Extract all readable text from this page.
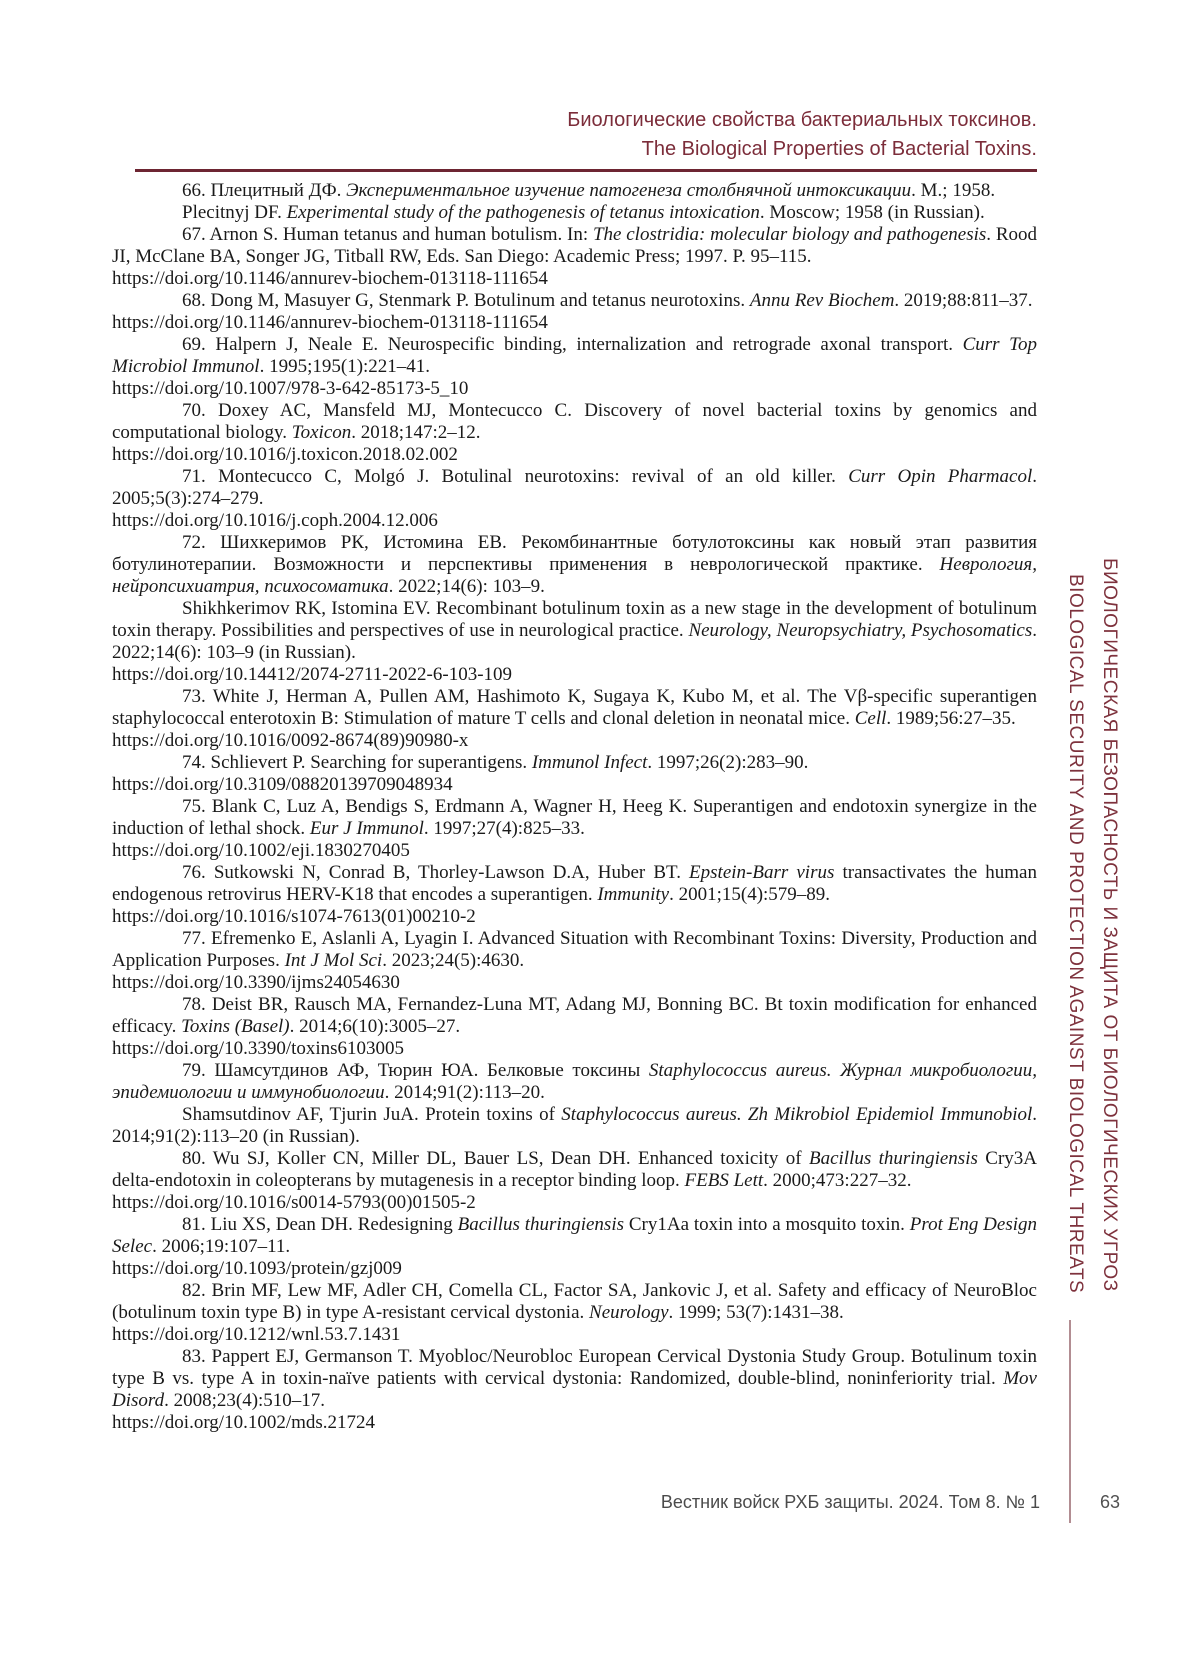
Биологические свойства бактериальных токсинов.
The Biological Properties of Bacterial Toxins.

66. Плецитный ДФ. Экспериментальное изучение патогенеза столбнячной интоксикации. М.; 1958.

Plecitnyj DF. Experimental study of the pathogenesis of tetanus intoxication. Moscow; 1958 (in Russian).

67. Arnon S. Human tetanus and human botulism. In: The clostridia: molecular biology and pathogenesis. Rood JI, McClane BA, Songer JG, Titball RW, Eds. San Diego: Academic Press; 1997. P. 95–115.

https://doi.org/10.1146/annurev-biochem-013118-111654

68. Dong M, Masuyer G, Stenmark P. Botulinum and tetanus neurotoxins. Annu Rev Biochem. 2019;88:811–37.

https://doi.org/10.1146/annurev-biochem-013118-111654

69. Halpern J, Neale E. Neurospecific binding, internalization and retrograde axonal transport. Curr Top Microbiol Immunol. 1995;195(1):221–41.

https://doi.org/10.1007/978-3-642-85173-5_10

70. Doxey AC, Mansfeld MJ, Montecucco C. Discovery of novel bacterial toxins by genomics and computational biology. Toxicon. 2018;147:2–12.

https://doi.org/10.1016/j.toxicon.2018.02.002

71. Montecucco C, Molgó J. Botulinal neurotoxins: revival of an old killer. Curr Opin Pharmacol. 2005;5(3):274–279.

https://doi.org/10.1016/j.coph.2004.12.006

72. Шихкеримов РК, Истомина ЕВ. Рекомбинантные ботулотоксины как новый этап развития ботулинотерапии. Возможности и перспективы применения в неврологической практике. Неврология, нейропсихиатрия, психосоматика. 2022;14(6): 103–9.

Shikhkerimov RK, Istomina EV. Recombinant botulinum toxin as a new stage in the development of botulinum toxin therapy. Possibilities and perspectives of use in neurological practice. Neurology, Neuropsychiatry, Psychosomatics. 2022;14(6): 103–9 (in Russian).

https://doi.org/10.14412/2074-2711-2022-6-103-109

73. White J, Herman A, Pullen AM, Hashimoto K, Sugaya K, Kubo M, et al. The Vβ-specific superantigen staphylococcal enterotoxin B: Stimulation of mature T cells and clonal deletion in neonatal mice. Cell. 1989;56:27–35.

https://doi.org/10.1016/0092-8674(89)90980-x

74. Schlievert P. Searching for superantigens. Immunol Infect. 1997;26(2):283–90.

https://doi.org/10.3109/08820139709048934

75. Blank C, Luz A, Bendigs S, Erdmann A, Wagner H, Heeg K. Superantigen and endotoxin synergize in the induction of lethal shock. Eur J Immunol. 1997;27(4):825–33.

https://doi.org/10.1002/eji.1830270405

76. Sutkowski N, Conrad B, Thorley-Lawson D.A, Huber BT. Epstein-Barr virus transactivates the human endogenous retrovirus HERV-K18 that encodes a superantigen. Immunity. 2001;15(4):579–89.

https://doi.org/10.1016/s1074-7613(01)00210-2

77. Efremenko E, Aslanli A, Lyagin I. Advanced Situation with Recombinant Toxins: Diversity, Production and Application Purposes. Int J Mol Sci. 2023;24(5):4630.

https://doi.org/10.3390/ijms24054630

78. Deist BR, Rausch MA, Fernandez-Luna MT, Adang MJ, Bonning BC. Bt toxin modification for enhanced efficacy. Toxins (Basel). 2014;6(10):3005–27.

https://doi.org/10.3390/toxins6103005

79. Шамсутдинов АФ, Тюрин ЮА. Белковые токсины Staphylococcus aureus. Журнал микробиологии, эпидемиологии и иммунобиологии. 2014;91(2):113–20.

Shamsutdinov AF, Tjurin JuA. Protein toxins of Staphylococcus aureus. Zh Mikrobiol Epidemiol Immunobiol. 2014;91(2):113–20 (in Russian).

80. Wu SJ, Koller CN, Miller DL, Bauer LS, Dean DH. Enhanced toxicity of Bacillus thuringiensis Cry3A delta-endotoxin in coleopterans by mutagenesis in a receptor binding loop. FEBS Lett. 2000;473:227–32.

https://doi.org/10.1016/s0014-5793(00)01505-2

81. Liu XS, Dean DH. Redesigning Bacillus thuringiensis Cry1Aa toxin into a mosquito toxin. Prot Eng Design Selec. 2006;19:107–11.

https://doi.org/10.1093/protein/gzj009

82. Brin MF, Lew MF, Adler CH, Comella CL, Factor SA, Jankovic J, et al. Safety and efficacy of NeuroBloc (botulinum toxin type B) in type A-resistant cervical dystonia. Neurology. 1999; 53(7):1431–38.

https://doi.org/10.1212/wnl.53.7.1431

83. Pappert EJ, Germanson T. Myobloc/Neurobloc European Cervical Dystonia Study Group. Botulinum toxin type B vs. type A in toxin-naïve patients with cervical dystonia: Randomized, double-blind, noninferiority trial. Mov Disord. 2008;23(4):510–17.

https://doi.org/10.1002/mds.21724

БИОЛОГИЧЕСКАЯ БЕЗОПАСНОСТЬ И ЗАЩИТА ОТ БИОЛОГИЧЕСКИХ УГРОЗ
BIOLOGICAL SECURITY AND PROTECTION AGAINST BIOLOGICAL THREATS
Вестник войск РХБ защиты. 2024. Том 8. № 1	63
